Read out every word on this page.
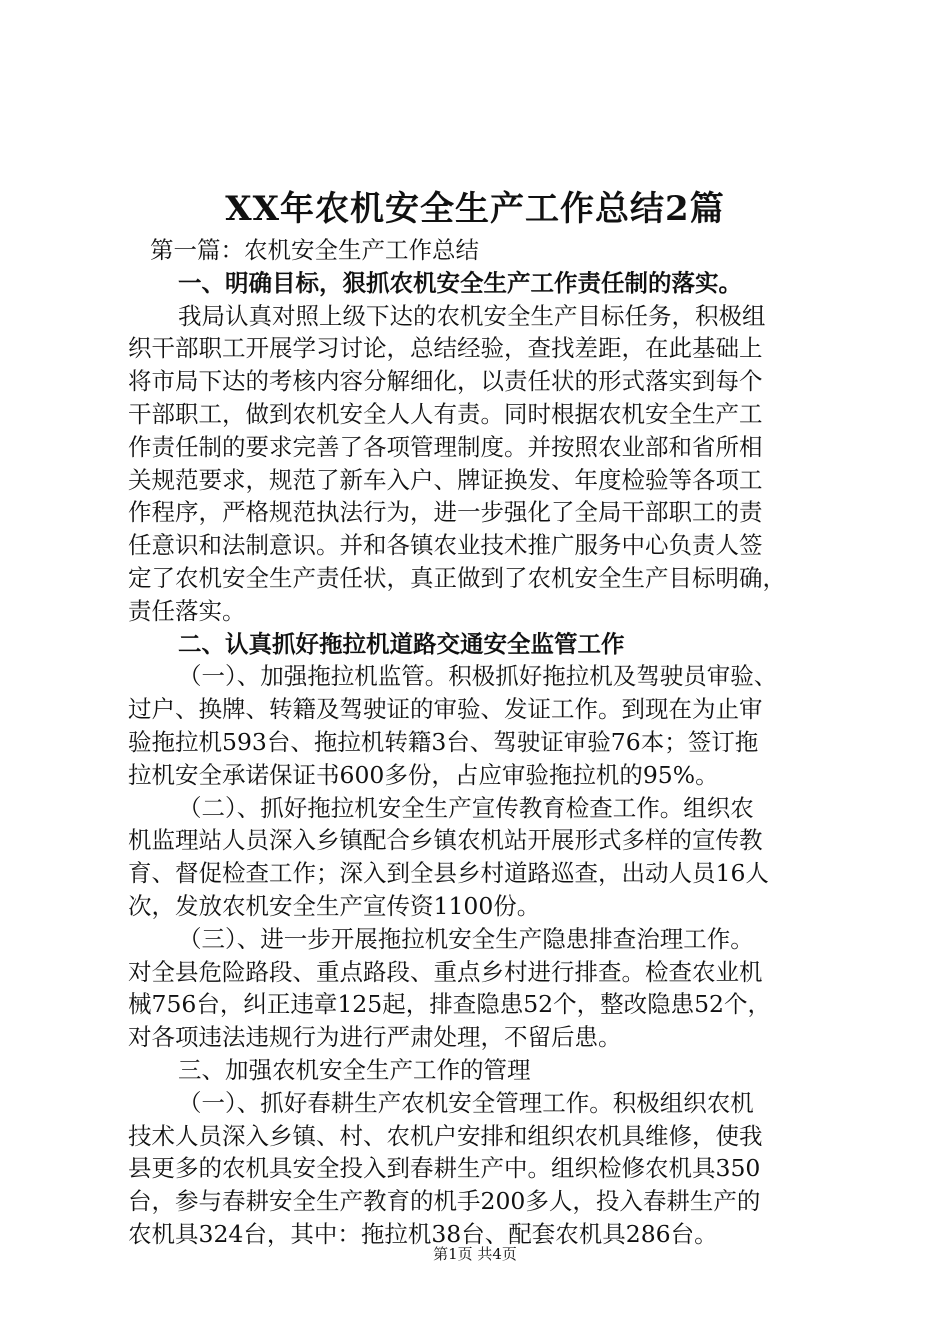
XX年农机安全生产工作总结2篇
第一篇：农机安全生产工作总结
一、明确目标，狠抓农机安全生产工作责任制的落实。
我局认真对照上级下达的农机安全生产目标任务，积极组
织干部职工开展学习讨论，总结经验，查找差距，在此基础上
将市局下达的考核内容分解细化，以责任状的形式落实到每个
干部职工，做到农机安全人人有责。同时根据农机安全生产工
作责任制的要求完善了各项管理制度。并按照农业部和省所相
关规范要求，规范了新车入户、牌证换发、年度检验等各项工
作程序，严格规范执法行为，进一步强化了全局干部职工的责
任意识和法制意识。并和各镇农业技术推广服务中心负责人签
定了农机安全生产责任状，真正做到了农机安全生产目标明确，
责任落实。
二、认真抓好拖拉机道路交通安全监管工作
（一）、加强拖拉机监管。积极抓好拖拉机及驾驶员审验、
过户、换牌、转籍及驾驶证的审验、发证工作。到现在为止审
验拖拉机593台、拖拉机转籍3台、驾驶证审验76本；签订拖
拉机安全承诺保证书600多份，占应审验拖拉机的95%。
（二）、抓好拖拉机安全生产宣传教育检查工作。组织农
机监理站人员深入乡镇配合乡镇农机站开展形式多样的宣传教
育、督促检查工作；深入到全县乡村道路巡查，出动人员16人
次，发放农机安全生产宣传资1100份。
（三）、进一步开展拖拉机安全生产隐患排查治理工作。
对全县危险路段、重点路段、重点乡村进行排查。检查农业机
械756台，纠正违章125起，排查隐患52个，整改隐患52个，
对各项违法违规行为进行严肃处理，不留后患。
三、加强农机安全生产工作的管理
（一）、抓好春耕生产农机安全管理工作。积极组织农机
技术人员深入乡镇、村、农机户安排和组织农机具维修，使我
县更多的农机具安全投入到春耕生产中。组织检修农机具350
台，参与春耕安全生产教育的机手200多人，投入春耕生产的
农机具324台，其中：拖拉机38台、配套农机具286台。
第1页 共4页
